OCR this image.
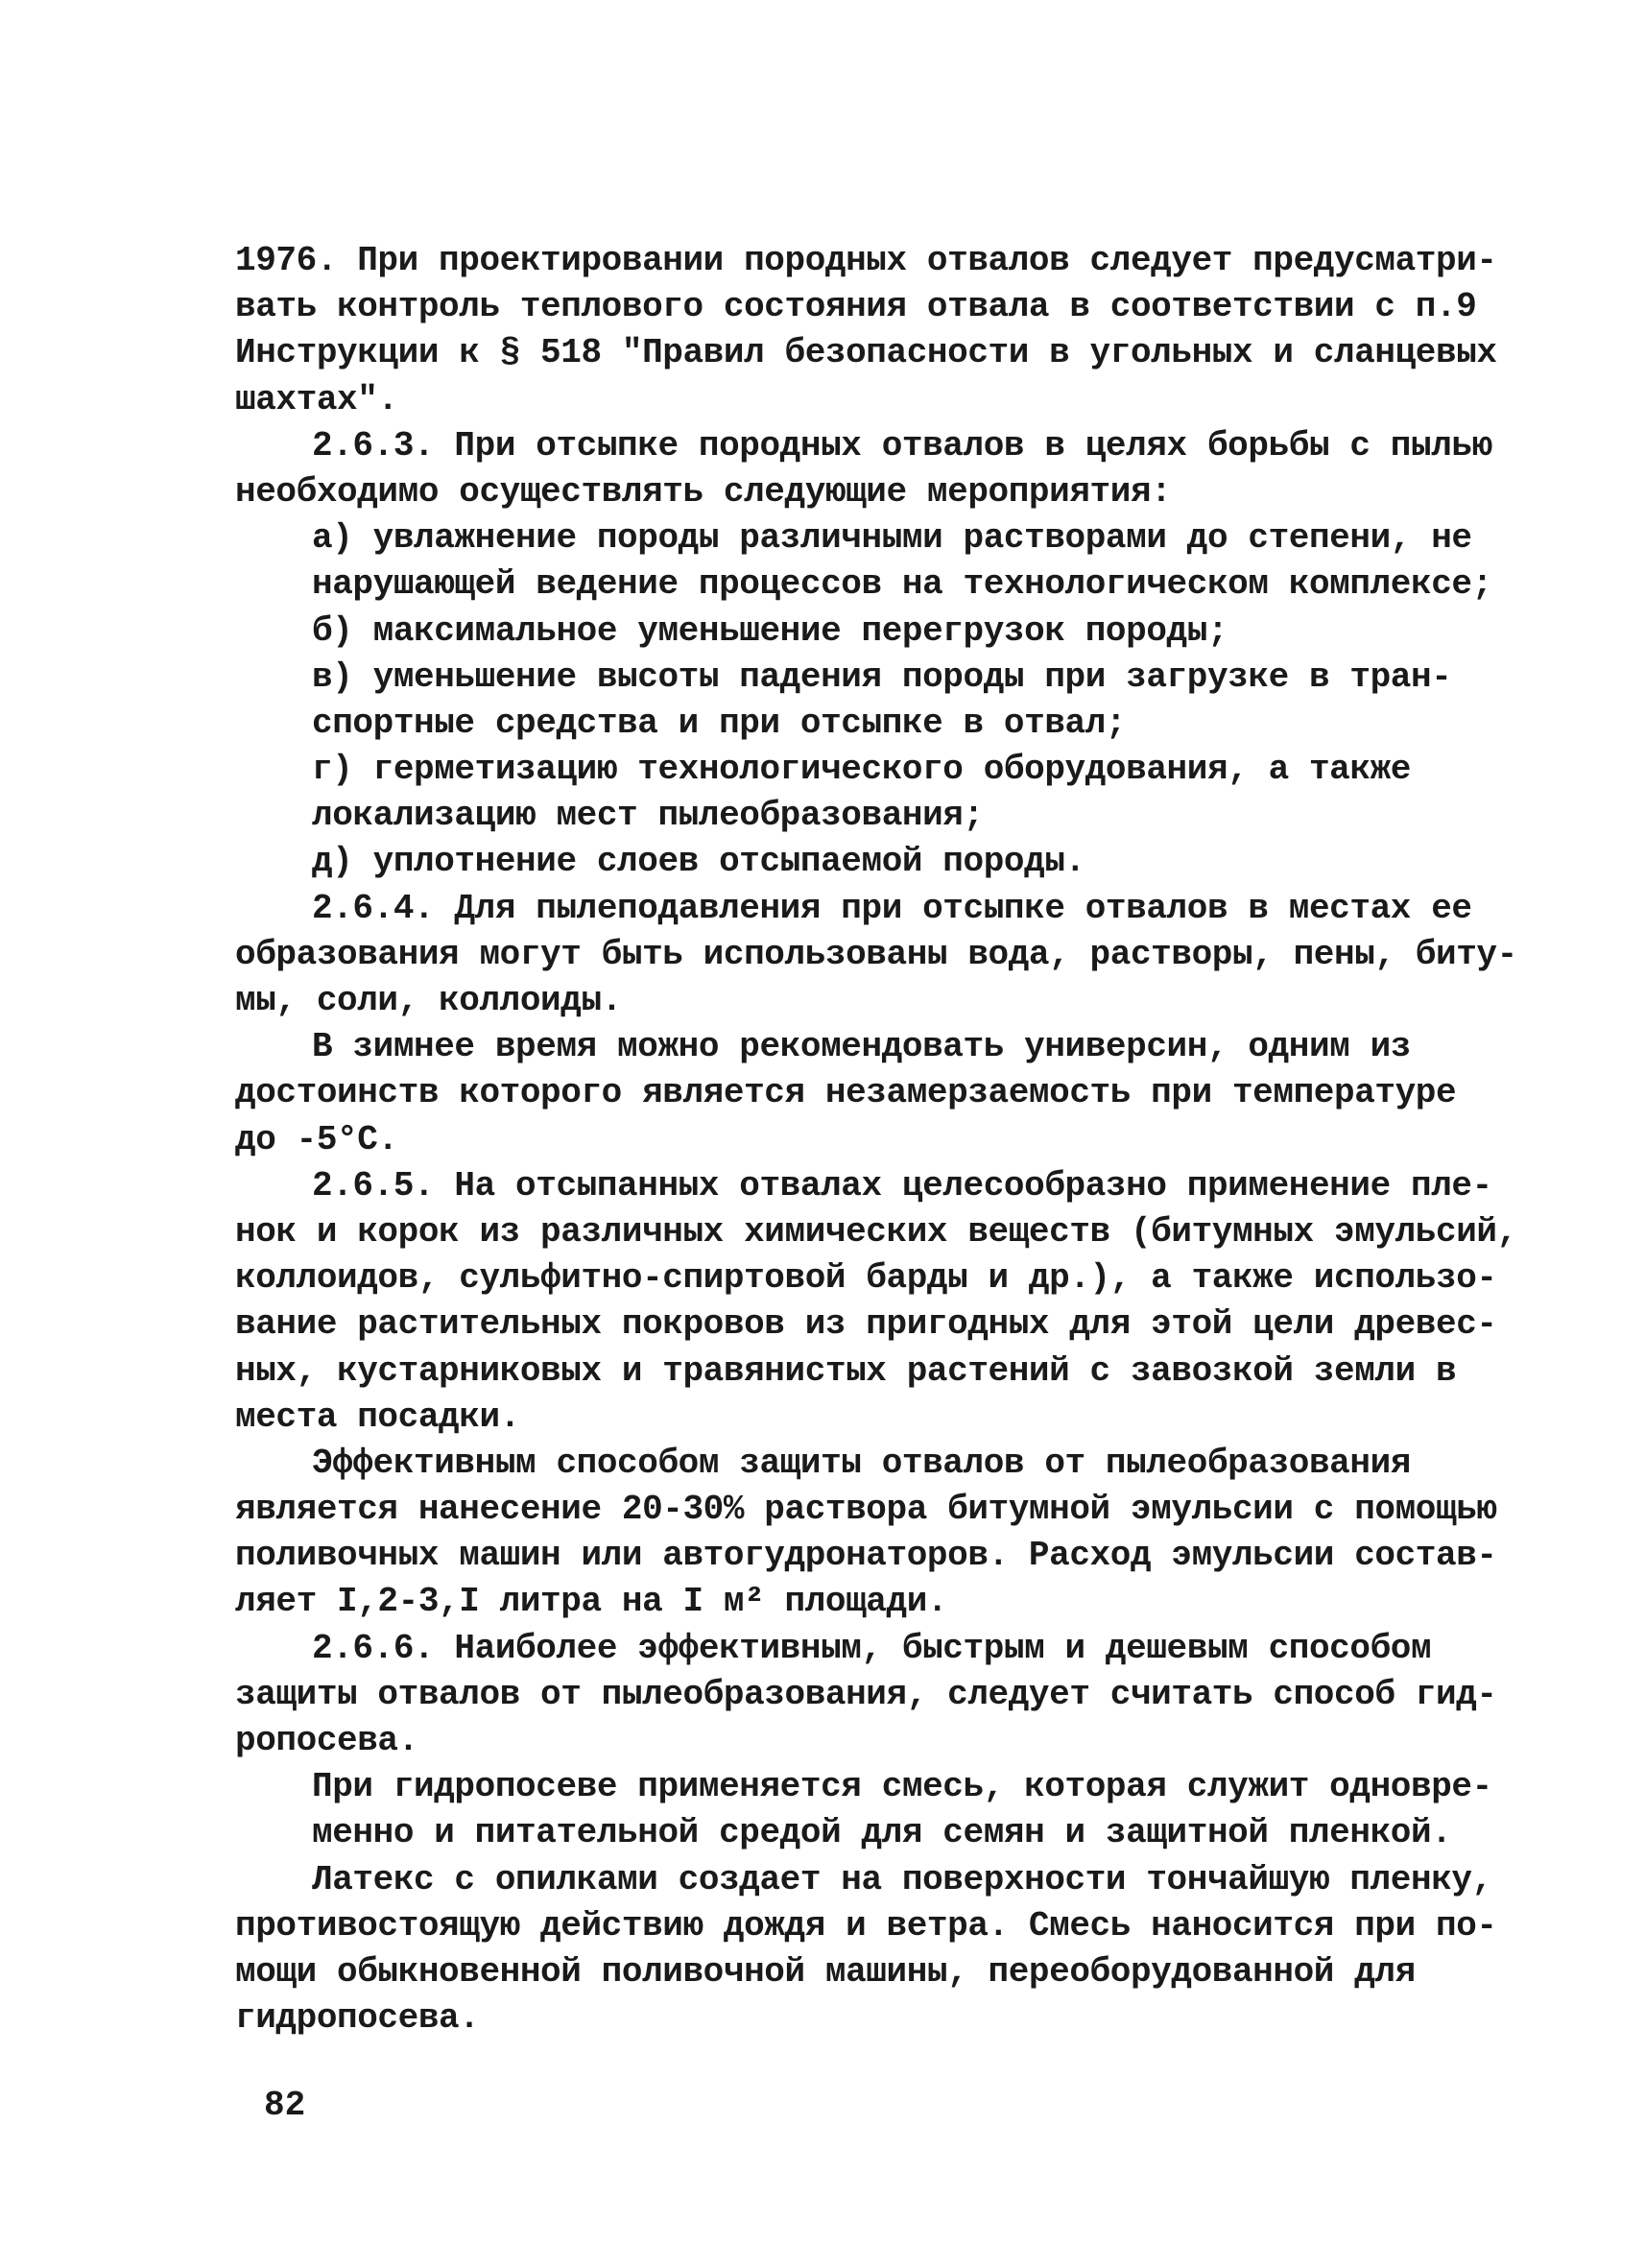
1976. При проектировании породных отвалов следует предусматри-
вать контроль теплового состояния отвала в соответствии с п.9
Инструкции к § 518 "Правил безопасности в угольных и сланцевых
шахтах".
2.6.3. При отсыпке породных отвалов в целях борьбы с пылью
необходимо осуществлять следующие мероприятия:
а) увлажнение породы различными растворами до степени, не
нарушающей ведение процессов на технологическом комплексе;
б) максимальное уменьшение перегрузок породы;
в) уменьшение высоты падения породы при загрузке в тран-
спортные средства и при отсыпке в отвал;
г) герметизацию технологического оборудования, а также
локализацию мест пылеобразования;
д) уплотнение слоев отсыпаемой породы.
2.6.4. Для пылеподавления при отсыпке отвалов в местах ее
образования могут быть использованы вода, растворы, пены, биту-
мы, соли, коллоиды.
В зимнее время можно рекомендовать универсин, одним из
достоинств которого является незамерзаемость при температуре
до -5°С.
2.6.5. На отсыпанных отвалах целесообразно применение пле-
нок и корок из различных химических веществ (битумных эмульсий,
коллоидов, сульфитно-спиртовой барды и др.), а также использо-
вание растительных покровов из пригодных для этой цели древес-
ных, кустарниковых и травянистых растений с завозкой земли в
места посадки.
Эффективным способом защиты отвалов от пылеобразования
является нанесение 20-30% раствора битумной эмульсии с помощью
поливочных машин или автогудронаторов. Расход эмульсии состав-
ляет I,2-3,I литра на I м² площади.
2.6.6. Наиболее эффективным, быстрым и дешевым способом
защиты отвалов от пылеобразования, следует считать способ гид-
ропосева.
При гидропосеве применяется смесь, которая служит одновре-
менно и питательной средой для семян и защитной пленкой.
Латекс с опилками создает на поверхности тончайшую пленку,
противостоящую действию дождя и ветра. Смесь наносится при по-
мощи обыкновенной поливочной машины, переоборудованной для
гидропосева.
82
